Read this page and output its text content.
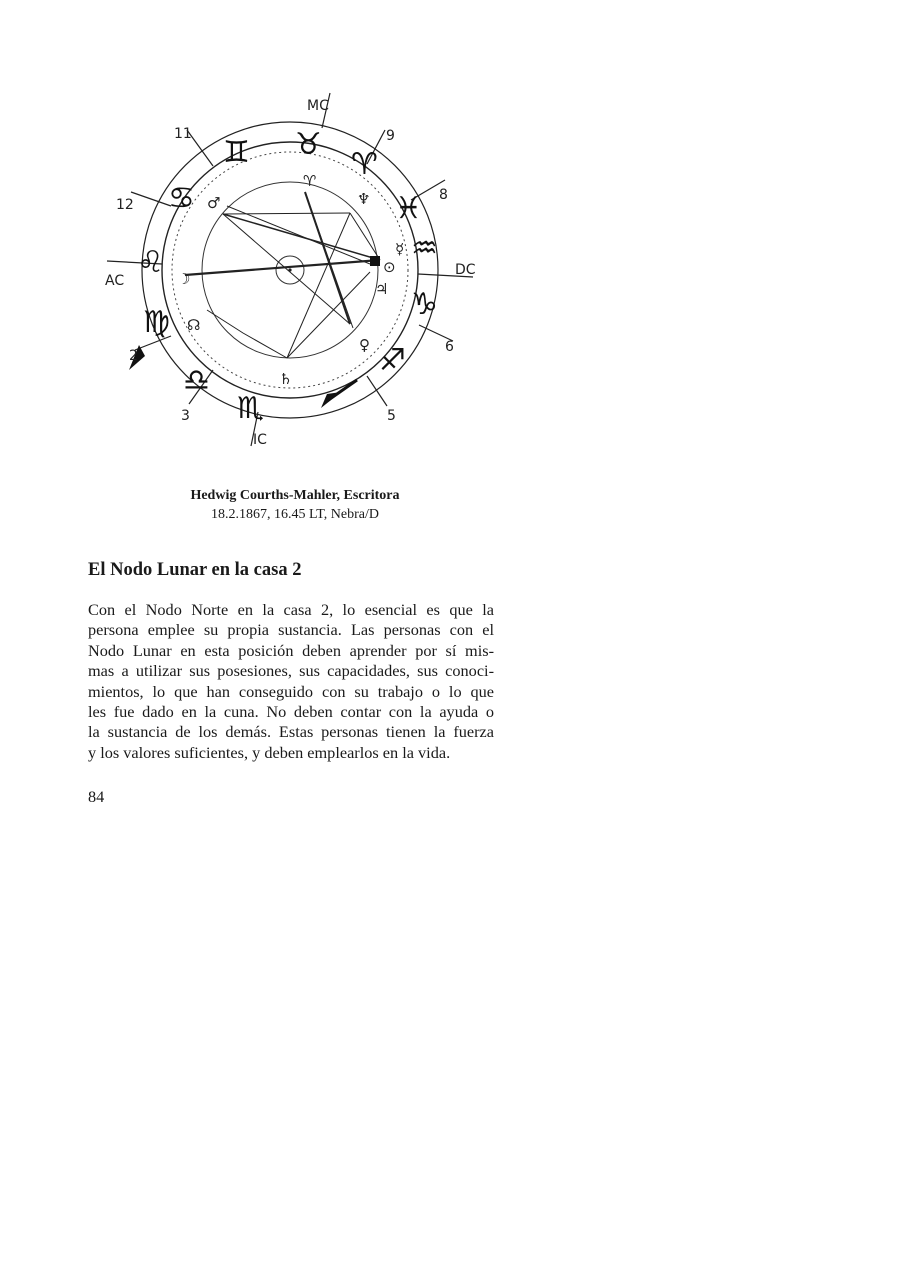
MC
IC
AC
DC
2
3	5
6
8
9
11
12
♉
♊
♋
♌
♍
♎
♏
♐
♑
♒
♓
♈
♈
♆
♂
☽
☊
♄
♀
♃
☿
⊙
Hedwig Courths-Mahler, Escritora
18.2.1867, 16.45 LT, Nebra/D
El Nodo Lunar en la casa 2

Con el Nodo Norte en la casa 2, lo esencial es que la
persona emplee su propia sustancia. Las personas con el
Nodo Lunar en esta posición deben aprender por sí mis-
mas a utilizar sus posesiones, sus capacidades, sus conoci-
mientos, lo que han conseguido con su trabajo o lo que
les fue dado en la cuna. No deben contar con la ayuda o
la sustancia de los demás. Estas personas tienen la fuerza
y los valores suficientes, y deben emplearlos en la vida.

84
